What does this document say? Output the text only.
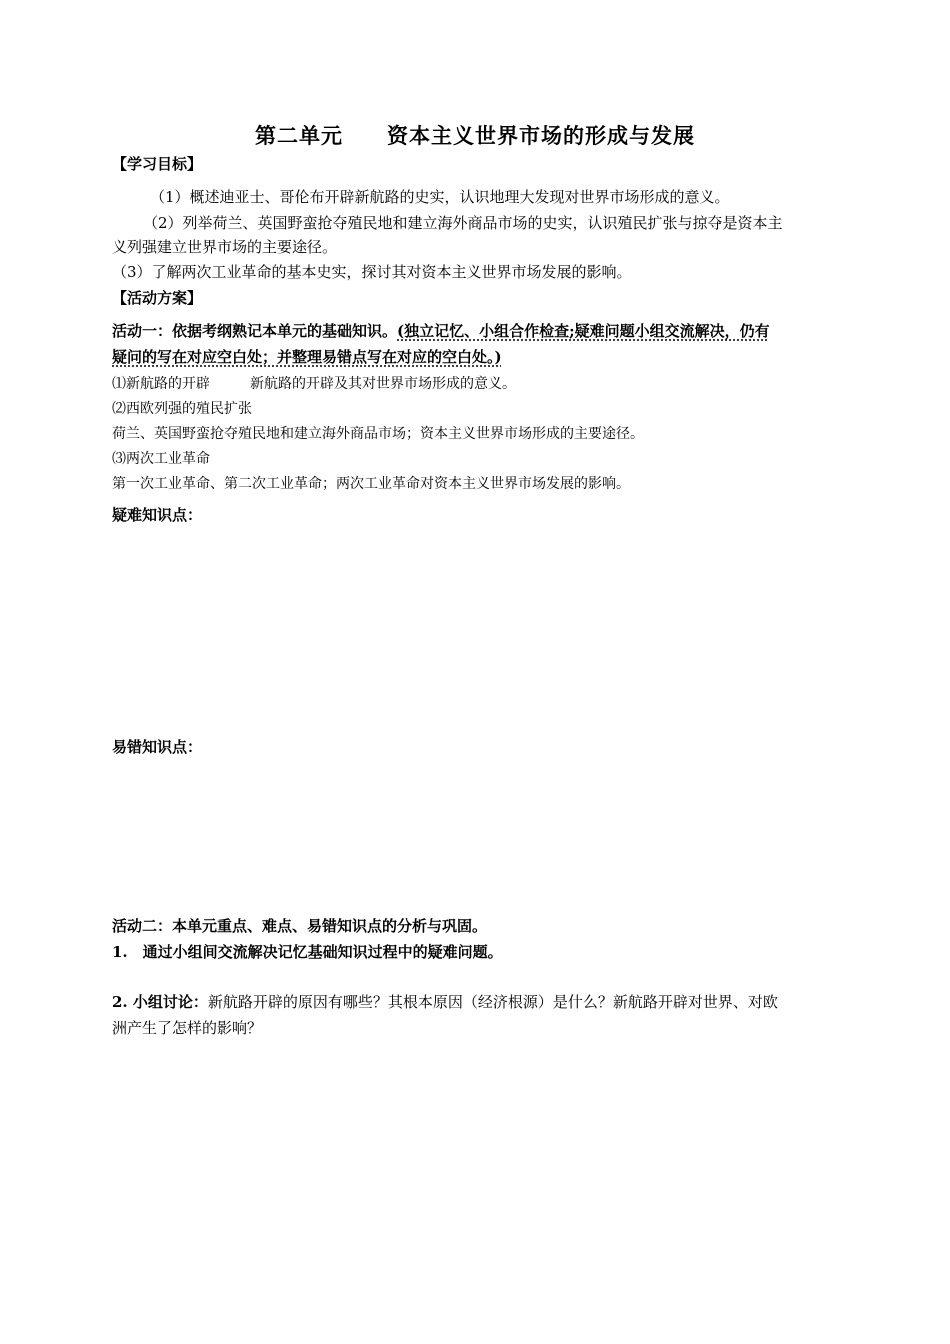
第二单元 资本主义世界市场的形成与发展
【学习目标】
（1）概述迪亚士、哥伦布开辟新航路的史实，认识地理大发现对世界市场形成的意义。
（2）列举荷兰、英国野蛮抢夺殖民地和建立海外商品市场的史实，认识殖民扩张与掠夺是资本主
义列强建立世界市场的主要途径。
（3）了解两次工业革命的基本史实，探讨其对资本主义世界市场发展的影响。
【活动方案】
活动一：依据考纲熟记本单元的基础知识。(独立记忆、小组合作检查;疑难问题小组交流解决，仍有
疑问的写在对应空白处；并整理易错点写在对应的空白处。)
⑴新航路的开辟	新航路的开辟及其对世界市场形成的意义。
⑵西欧列强的殖民扩张
荷兰、英国野蛮抢夺殖民地和建立海外商品市场；资本主义世界市场形成的主要途径。
⑶两次工业革命
第一次工业革命、第二次工业革命；两次工业革命对资本主义世界市场发展的影响。
疑难知识点：
易错知识点：
活动二：本单元重点、难点、易错知识点的分析与巩固。
1.　通过小组间交流解决记忆基础知识过程中的疑难问题。
2. 小组讨论：新航路开辟的原因有哪些？其根本原因（经济根源）是什么？新航路开辟对世界、对欧
洲产生了怎样的影响？
